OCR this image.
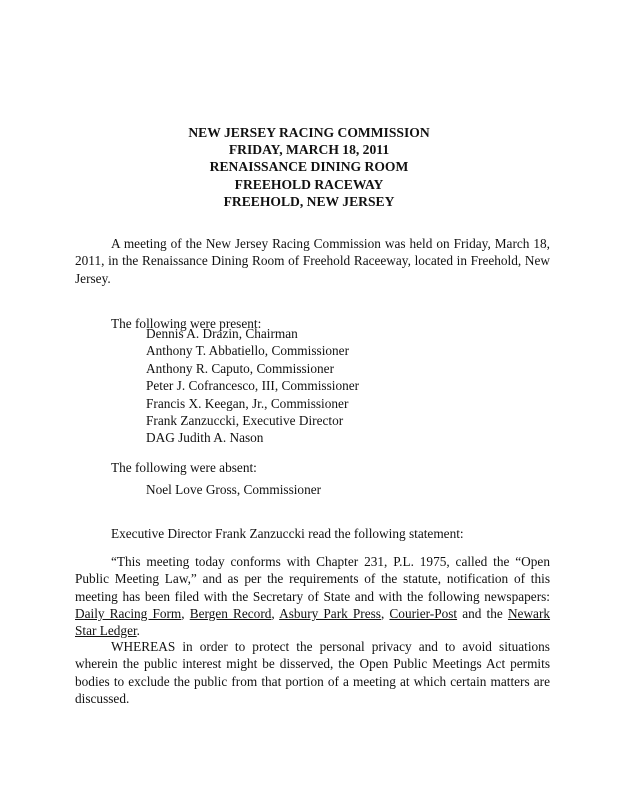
NEW JERSEY RACING COMMISSION
FRIDAY, MARCH 18, 2011
RENAISSANCE DINING ROOM
FREEHOLD RACEWAY
FREEHOLD, NEW JERSEY

A meeting of the New Jersey Racing Commission was held on Friday, March 18, 2011, in the Renaissance Dining Room of Freehold Raceeway, located in Freehold, New Jersey.

The following were present:

Dennis A. Drazin, Chairman
Anthony T. Abbatiello, Commissioner
Anthony R. Caputo, Commissioner
Peter J. Cofrancesco, III, Commissioner
Francis X. Keegan, Jr., Commissioner
Frank Zanzuccki, Executive Director
DAG Judith A. Nason

The following were absent:

Noel Love Gross, Commissioner

Executive Director Frank Zanzuccki read the following statement:

“This meeting today conforms with Chapter 231, P.L. 1975, called the “Open Public Meeting Law,” and as per the requirements of the statute, notification of this meeting has been filed with the Secretary of State and with the following newspapers: Daily Racing Form, Bergen Record, Asbury Park Press, Courier-Post and the Newark Star Ledger.

WHEREAS in order to protect the personal privacy and to avoid situations wherein the public interest might be disserved, the Open Public Meetings Act permits bodies to exclude the public from that portion of a meeting at which certain matters are discussed.
